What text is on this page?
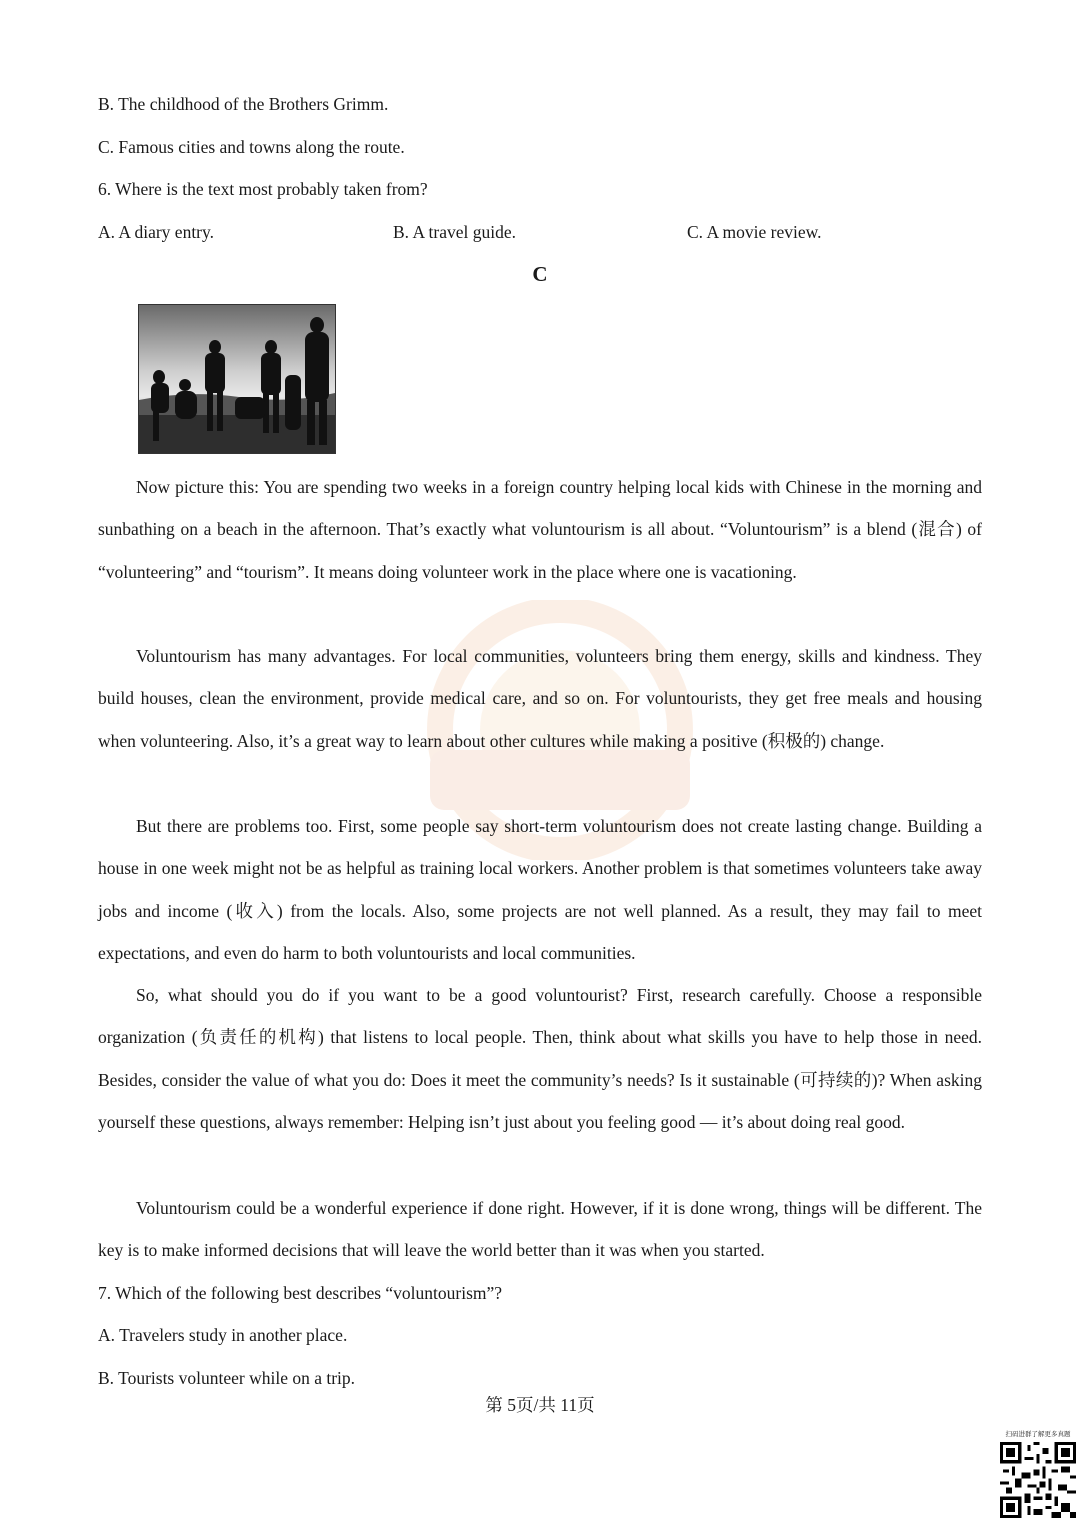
B. The childhood of the Brothers Grimm.

C. Famous cities and towns along the route.

6. Where is the text most probably taken from?

A. A diary entry.	B. A travel guide.	C. A movie review.

C

Now picture this: You are spending two weeks in a foreign country helping local kids with Chinese in the morning and sunbathing on a beach in the afternoon. That’s exactly what voluntourism is all about. “Voluntourism” is a blend (混合) of “volunteering” and “tourism”. It means doing volunteer work in the place where one is vacationing.

Voluntourism has many advantages. For local communities, volunteers bring them energy, skills and kindness. They build houses, clean the environment, provide medical care, and so on. For voluntourists, they get free meals and housing when volunteering. Also, it’s a great way to learn about other cultures while making a positive (积极的) change.

But there are problems too. First, some people say short-term voluntourism does not create lasting change. Building a house in one week might not be as helpful as training local workers. Another problem is that sometimes volunteers take away jobs and income (收入) from the locals. Also, some projects are not well planned. As a result, they may fail to meet expectations, and even do harm to both voluntourists and local communities.

So, what should you do if you want to be a good voluntourist? First, research carefully. Choose a responsible organization (负责任的机构) that listens to local people. Then, think about what skills you have to help those in need. Besides, consider the value of what you do: Does it meet the community’s needs? Is it sustainable (可持续的)? When asking yourself these questions, always remember: Helping isn’t just about you feeling good — it’s about doing real good.

Voluntourism could be a wonderful experience if done right. However, if it is done wrong, things will be different. The key is to make informed decisions that will leave the world better than it was when you started.

7. Which of the following best describes “voluntourism”?

A. Travelers study in another place.

B. Tourists volunteer while on a trip.

第 5页/共 11页
扫码进群了解更多真题
